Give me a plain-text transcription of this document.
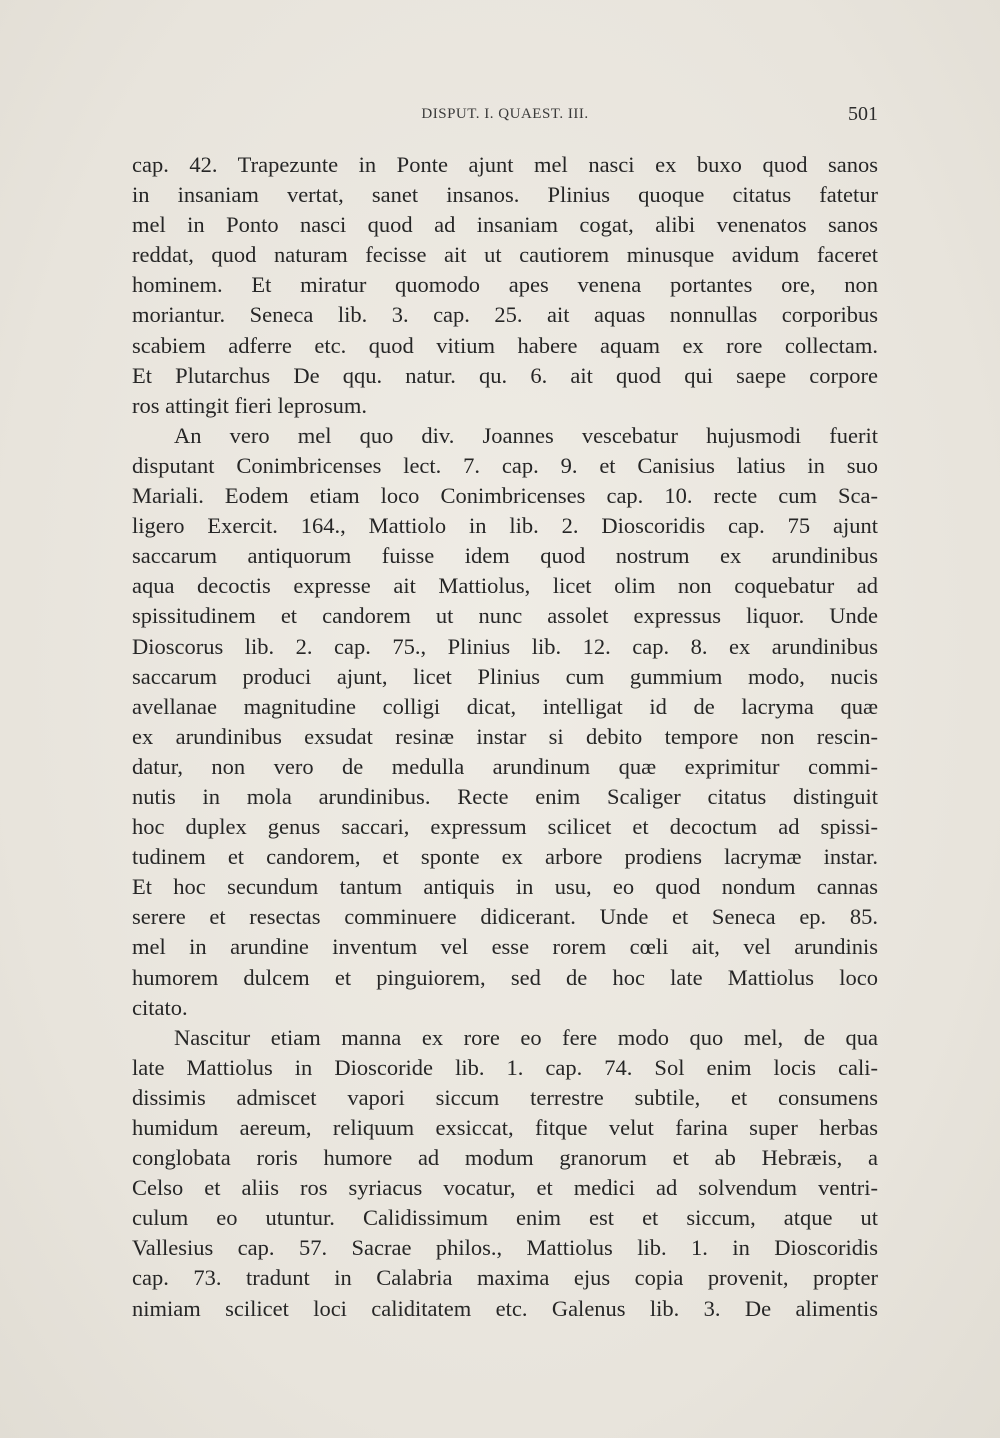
DISPUT. I. QUAEST. III.	501
cap. 42. Trapezunte in Ponte ajunt mel nasci ex buxo quod sanos
in insaniam vertat, sanet insanos. Plinius quoque citatus fatetur
mel in Ponto nasci quod ad insaniam cogat, alibi venenatos sanos
reddat, quod naturam fecisse ait ut cautiorem minusque avidum faceret
hominem. Et miratur quomodo apes venena portantes ore, non
moriantur. Seneca lib. 3. cap. 25. ait aquas nonnullas corporibus
scabiem adferre etc. quod vitium habere aquam ex rore collectam.
Et Plutarchus De qqu. natur. qu. 6. ait quod qui saepe corpore
ros attingit fieri leprosum.
An vero mel quo div. Joannes vescebatur hujusmodi fuerit
disputant Conimbricenses lect. 7. cap. 9. et Canisius latius in suo
Mariali. Eodem etiam loco Conimbricenses cap. 10. recte cum Sca-
ligero Exercit. 164., Mattiolo in lib. 2. Dioscoridis cap. 75 ajunt
saccarum antiquorum fuisse idem quod nostrum ex arundinibus
aqua decoctis expresse ait Mattiolus, licet olim non coquebatur ad
spissitudinem et candorem ut nunc assolet expressus liquor. Unde
Dioscorus lib. 2. cap. 75., Plinius lib. 12. cap. 8. ex arundinibus
saccarum produci ajunt, licet Plinius cum gummium modo, nucis
avellanae magnitudine colligi dicat, intelligat id de lacryma quæ
ex arundinibus exsudat resinæ instar si debito tempore non rescin-
datur, non vero de medulla arundinum quæ exprimitur commi-
nutis in mola arundinibus. Recte enim Scaliger citatus distinguit
hoc duplex genus saccari, expressum scilicet et decoctum ad spissi-
tudinem et candorem, et sponte ex arbore prodiens lacrymæ instar.
Et hoc secundum tantum antiquis in usu, eo quod nondum cannas
serere et resectas comminuere didicerant. Unde et Seneca ep. 85.
mel in arundine inventum vel esse rorem cœli ait, vel arundinis
humorem dulcem et pinguiorem, sed de hoc late Mattiolus loco
citato.
Nascitur etiam manna ex rore eo fere modo quo mel, de qua
late Mattiolus in Dioscoride lib. 1. cap. 74. Sol enim locis cali-
dissimis admiscet vapori siccum terrestre subtile, et consumens
humidum aereum, reliquum exsiccat, fitque velut farina super herbas
conglobata roris humore ad modum granorum et ab Hebræis, a
Celso et aliis ros syriacus vocatur, et medici ad solvendum ventri-
culum eo utuntur. Calidissimum enim est et siccum, atque ut
Vallesius cap. 57. Sacrae philos., Mattiolus lib. 1. in Dioscoridis
cap. 73. tradunt in Calabria maxima ejus copia provenit, propter
nimiam scilicet loci caliditatem etc. Galenus lib. 3. De alimentis
